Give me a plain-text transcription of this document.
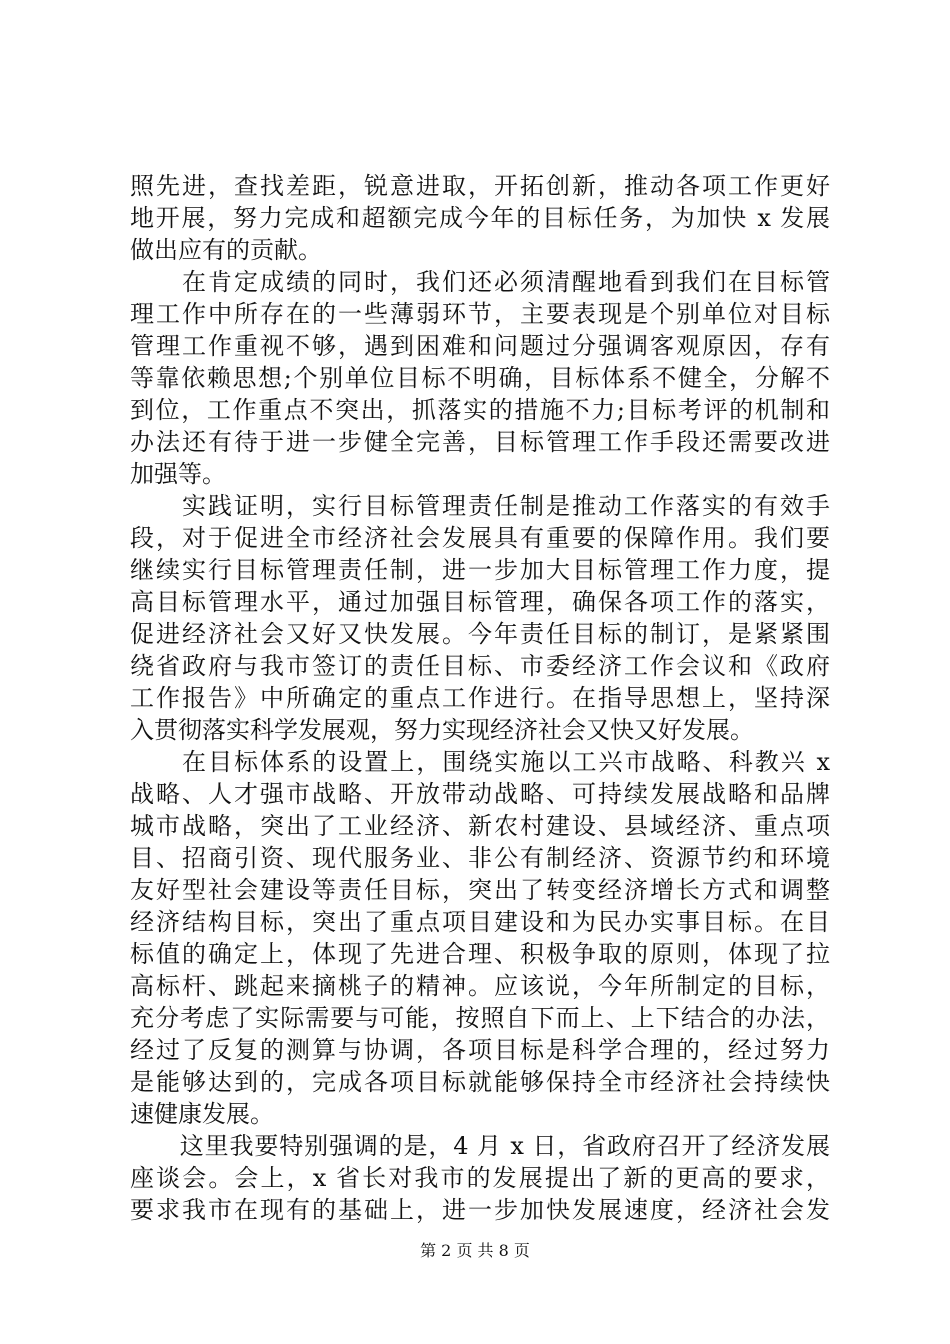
照先进，查找差距，锐意进取，开拓创新，推动各项工作更好
地开展，努力完成和超额完成今年的目标任务，为加快 x 发展
做出应有的贡献。
　　在肯定成绩的同时，我们还必须清醒地看到我们在目标管
理工作中所存在的一些薄弱环节，主要表现是个别单位对目标
管理工作重视不够，遇到困难和问题过分强调客观原因，存有
等靠依赖思想;个别单位目标不明确，目标体系不健全，分解不
到位，工作重点不突出，抓落实的措施不力;目标考评的机制和
办法还有待于进一步健全完善，目标管理工作手段还需要改进
加强等。
　　实践证明，实行目标管理责任制是推动工作落实的有效手
段，对于促进全市经济社会发展具有重要的保障作用。我们要
继续实行目标管理责任制，进一步加大目标管理工作力度，提
高目标管理水平，通过加强目标管理，确保各项工作的落实，
促进经济社会又好又快发展。今年责任目标的制订，是紧紧围
绕省政府与我市签订的责任目标、市委经济工作会议和《政府
工作报告》中所确定的重点工作进行。在指导思想上，坚持深
入贯彻落实科学发展观，努力实现经济社会又快又好发展。
　　在目标体系的设置上，围绕实施以工兴市战略、科教兴 x
战略、人才强市战略、开放带动战略、可持续发展战略和品牌
城市战略，突出了工业经济、新农村建设、县域经济、重点项
目、招商引资、现代服务业、非公有制经济、资源节约和环境
友好型社会建设等责任目标，突出了转变经济增长方式和调整
经济结构目标，突出了重点项目建设和为民办实事目标。在目
标值的确定上，体现了先进合理、积极争取的原则，体现了拉
高标杆、跳起来摘桃子的精神。应该说，今年所制定的目标，
充分考虑了实际需要与可能，按照自下而上、上下结合的办法，
经过了反复的测算与协调，各项目标是科学合理的，经过努力
是能够达到的，完成各项目标就能够保持全市经济社会持续快
速健康发展。
　　这里我要特别强调的是，4 月 x 日，省政府召开了经济发展
座谈会。会上，x 省长对我市的发展提出了新的更高的要求，
要求我市在现有的基础上，进一步加快发展速度，经济社会发
第 2 页 共 8 页
